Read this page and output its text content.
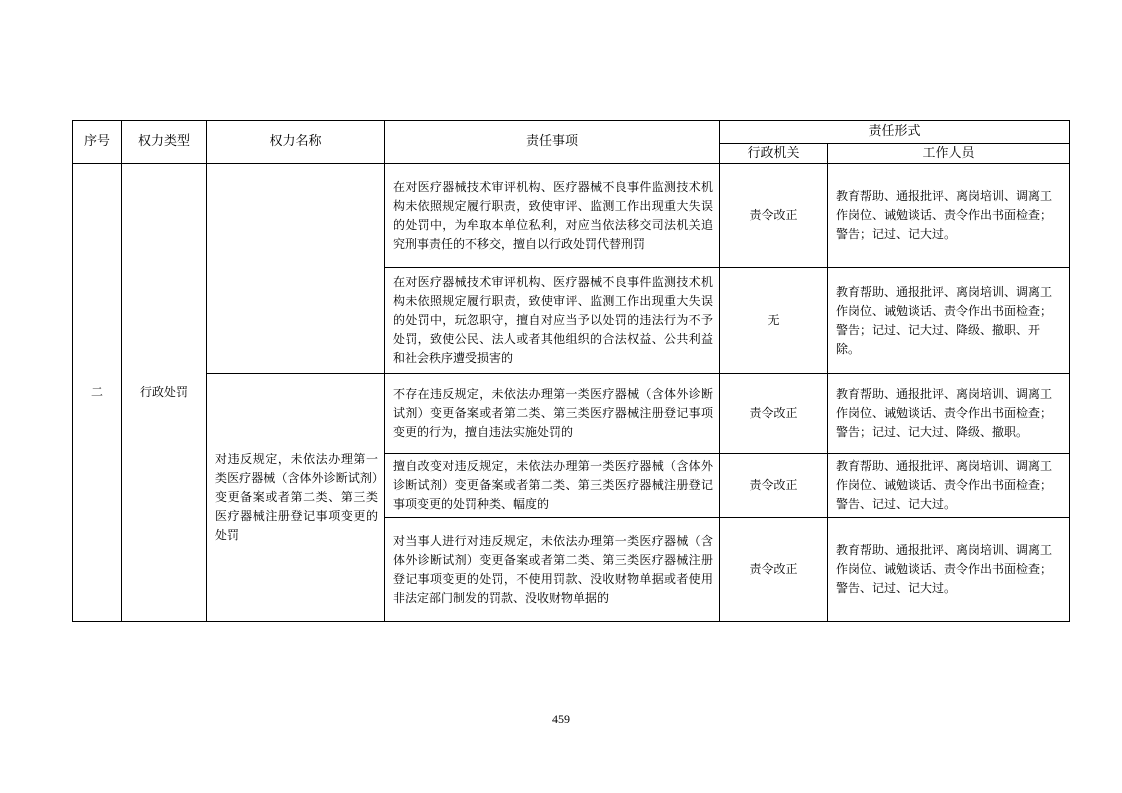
序号	权力类型	权力名称	责任事项	责任形式	
				行政机关	工作人员
二	行政处罚		在对医疗器械技术审评机构、医疗器械不良事件监测技术机构未依照规定履行职责，致使审评、监测工作出现重大失误的处罚中，为牟取本单位私利，对应当依法移交司法机关追究刑事责任的不移交，擅自以行政处罚代替刑罚	责令改正	教育帮助、通报批评、离岗培训、调离工作岗位、诫勉谈话、责令作出书面检查；警告；记过、记大过。
			在对医疗器械技术审评机构、医疗器械不良事件监测技术机构未依照规定履行职责，致使审评、监测工作出现重大失误的处罚中，玩忽职守，擅自对应当予以处罚的违法行为不予处罚，致使公民、法人或者其他组织的合法权益、公共利益和社会秩序遭受损害的	无	教育帮助、通报批评、离岗培训、调离工作岗位、诫勉谈话、责令作出书面检查；警告；记过、记大过、降级、撤职、开除。
		对违反规定，未依法办理第一类医疗器械（含体外诊断试剂）变更备案或者第二类、第三类医疗器械注册登记事项变更的处罚	不存在违反规定，未依法办理第一类医疗器械（含体外诊断试剂）变更备案或者第二类、第三类医疗器械注册登记事项变更的行为，擅自违法实施处罚的	责令改正	教育帮助、通报批评、离岗培训、调离工作岗位、诫勉谈话、责令作出书面检查；警告；记过、记大过、降级、撤职。
			擅自改变对违反规定，未依法办理第一类医疗器械（含体外诊断试剂）变更备案或者第二类、第三类医疗器械注册登记事项变更的处罚种类、幅度的	责令改正	教育帮助、通报批评、离岗培训、调离工作岗位、诫勉谈话、责令作出书面检查；警告、记过、记大过。
			对当事人进行对违反规定，未依法办理第一类医疗器械（含体外诊断试剂）变更备案或者第二类、第三类医疗器械注册登记事项变更的处罚，不使用罚款、没收财物单据或者使用非法定部门制发的罚款、没收财物单据的	责令改正	教育帮助、通报批评、离岗培训、调离工作岗位、诫勉谈话、责令作出书面检查；警告、记过、记大过。
459
